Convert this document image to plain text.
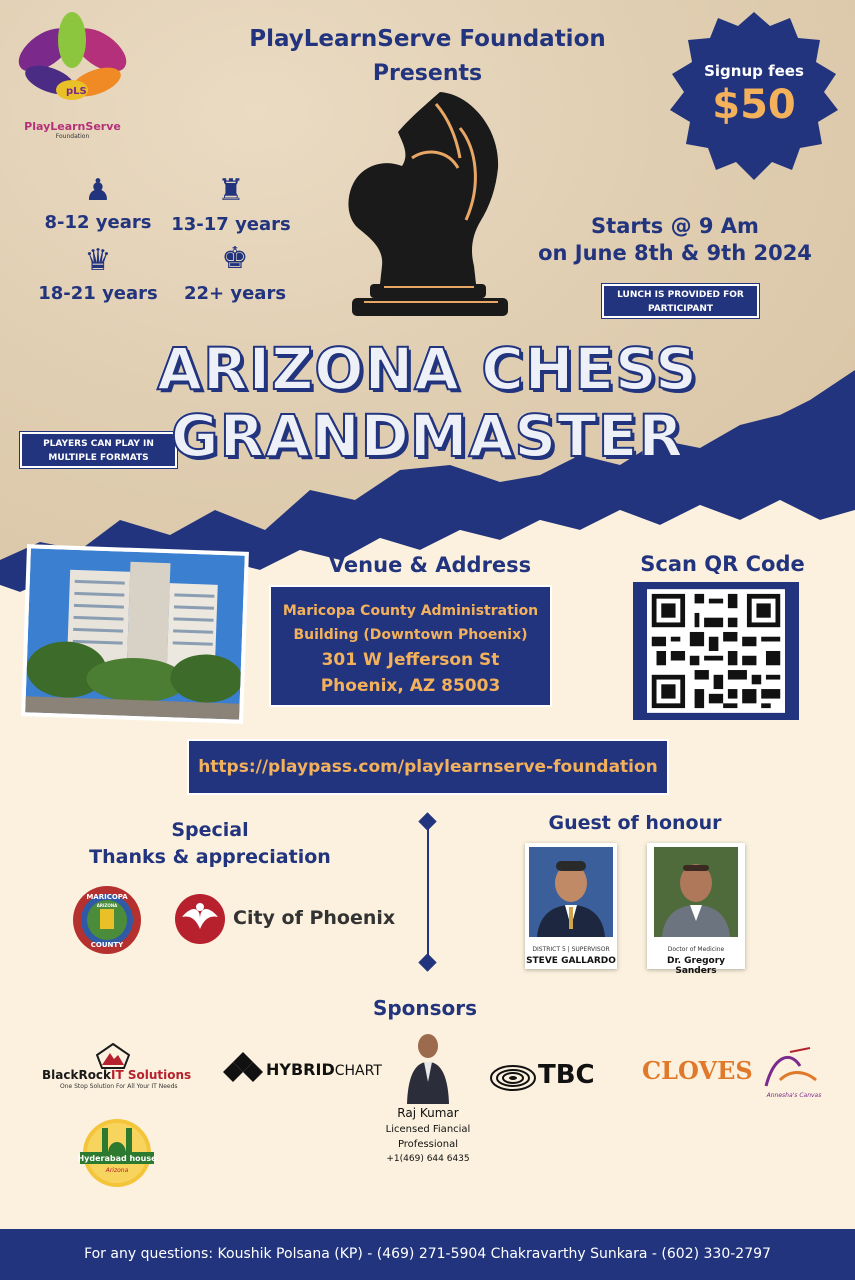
pLS
PlayLearnServe
Foundation
PlayLearnServe Foundation
Presents	Signup fees
$50
♟
8-12 years
♜
13-17 years
♛
18-21 years
♚
22+ years
Starts @ 9 Am
on June 8th & 9th 2024
LUNCH IS PROVIDED FOR
PARTICIPANT
PLAYERS CAN PLAY IN
MULTIPLE FORMATS
ARIZONA CHESS
GRANDMASTER
Venue & Address
Maricopa County Administration
Building (Downtown Phoenix)
301 W Jefferson St
Phoenix, AZ 85003
Scan QR Code
https://playpass.com/playlearnserve-foundation
Special
Thanks & appreciation
MARICOPA
ARIZONA
COUNTY
City of Phoenix
Guest of honour
DISTRICT 5 | SUPERVISOR
STEVE GALLARDO
Doctor of Medicine
Dr. Gregory Sanders
Sponsors
BlackRockIT Solutions
One Stop Solution For All Your IT Needs
HYBRIDCHART
Raj Kumar
Licensed Fiancial
Professional
+1(469) 644 6435
TBC CLOVES
Annesha's Canvas
Hyderabad house
Arizona
For any questions: Koushik Polsana (KP) - (469) 271-5904 Chakravarthy Sunkara - (602) 330-2797
